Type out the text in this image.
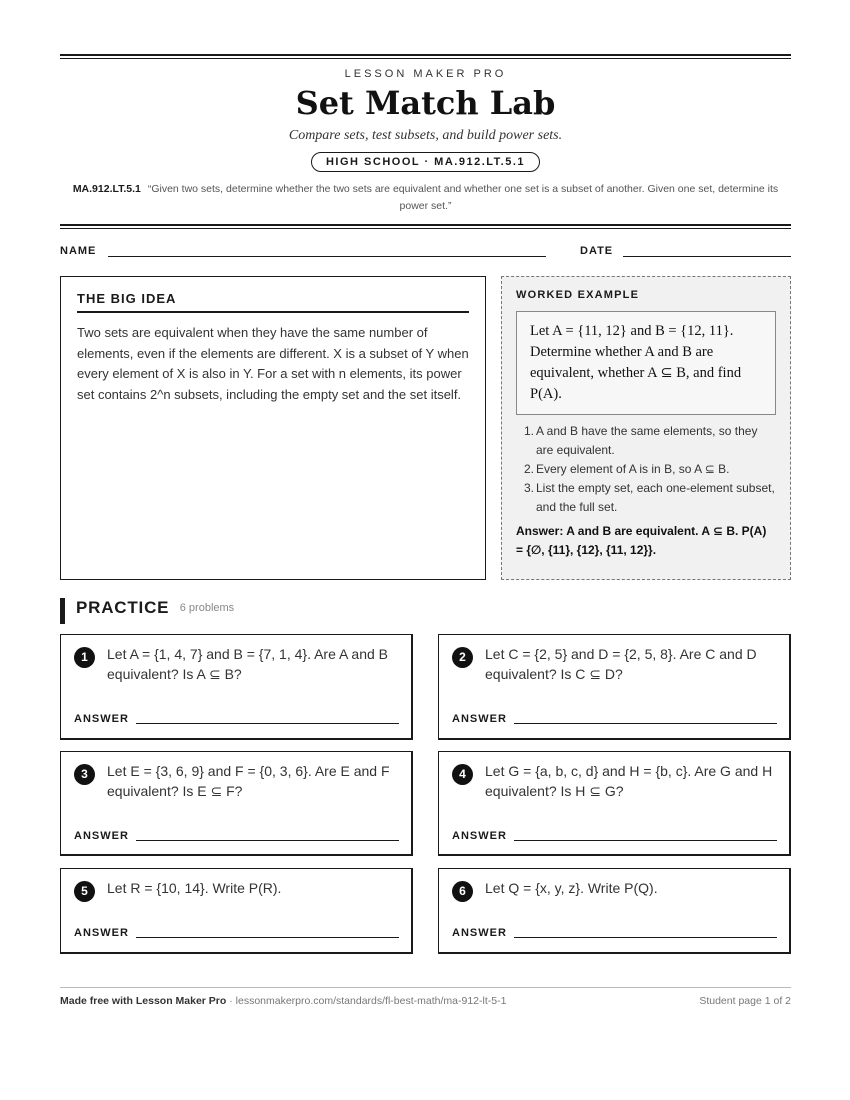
LESSON MAKER PRO
Set Match Lab
Compare sets, test subsets, and build power sets.
HIGH SCHOOL · MA.912.LT.5.1
MA.912.LT.5.1 “Given two sets, determine whether the two sets are equivalent and whether one set is a subset of another. Given one set, determine its power set.”
NAME	DATE
THE BIG IDEA

Two sets are equivalent when they have the same number of elements, even if the elements are different. X is a subset of Y when every element of X is also in Y. For a set with n elements, its power set contains 2^n subsets, including the empty set and the set itself.

WORKED EXAMPLE
Let A = {11, 12} and B = {12, 11}. Determine whether A and B are equivalent, whether A ⊆ B, and find P(A).
1. A and B have the same elements, so they are equivalent.
2. Every element of A is in B, so A ⊆ B.
3. List the empty set, each one-element subset, and the full set.
Answer: A and B are equivalent. A ⊆ B. P(A) = {∅, {11}, {12}, {11, 12}}.
PRACTICE 6 problems
1	Let A = {1, 4, 7} and B = {7, 1, 4}. Are A and B equivalent? Is A ⊆ B?
ANSWER
2	Let C = {2, 5} and D = {2, 5, 8}. Are C and D equivalent? Is C ⊆ D?
ANSWER
3	Let E = {3, 6, 9} and F = {0, 3, 6}. Are E and F equivalent? Is E ⊆ F?
ANSWER
4	Let G = {a, b, c, d} and H = {b, c}. Are G and H equivalent? Is H ⊆ G?
ANSWER
5	Let R = {10, 14}. Write P(R).
ANSWER
6	Let Q = {x, y, z}. Write P(Q).
ANSWER
Made free with Lesson Maker Pro · lessonmakerpro.com/standards/fl-best-math/ma-912-lt-5-1	Student page 1 of 2
